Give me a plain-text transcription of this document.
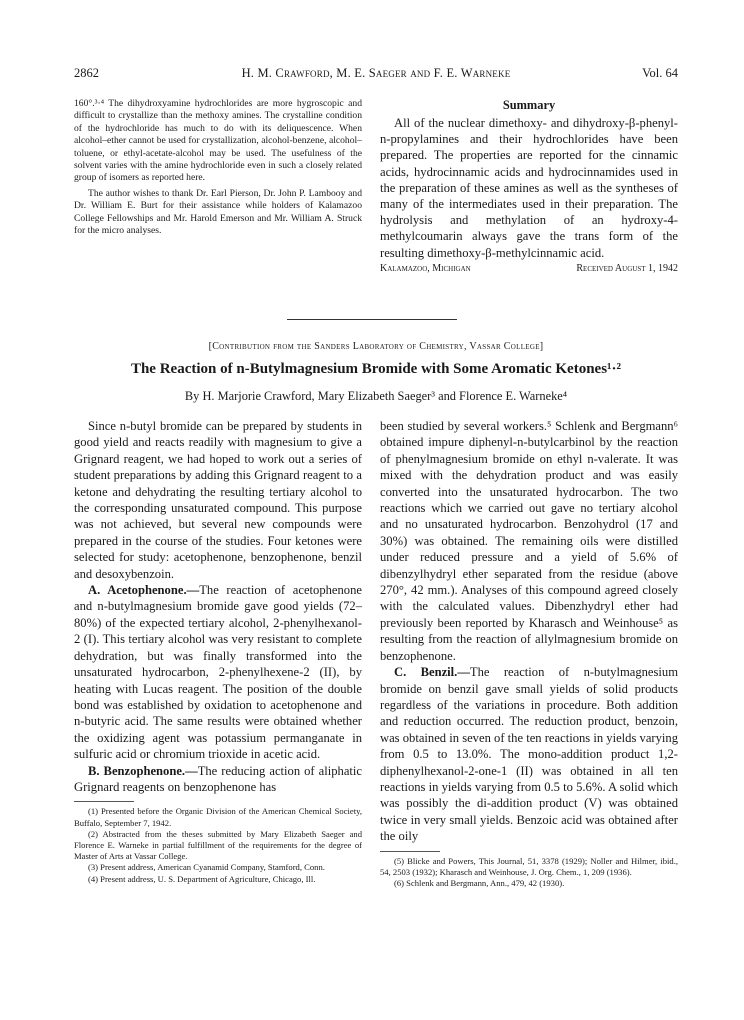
2862	H. M. Crawford, M. E. Saeger and F. E. Warneke	Vol. 64

160°.³·⁴ The dihydroxyamine hydrochlorides are more hygroscopic and difficult to crystallize than the methoxy amines. The crystalline condition of the hydrochloride has much to do with its deliquescence. When alcohol–ether cannot be used for crystallization, alcohol-benzene, alcohol–toluene, or ethyl-acetate-alcohol may be used. The usefulness of the solvent varies with the amine hydrochloride even in such a closely related group of isomers as reported here.

The author wishes to thank Dr. Earl Pierson, Dr. John P. Lambooy and Dr. William E. Burt for their assistance while holders of Kalamazoo College Fellowships and Mr. Harold Emerson and Mr. William A. Struck for the micro analyses.

Summary

All of the nuclear dimethoxy- and dihydroxy-β-phenyl-n-propylamines and their hydrochlorides have been prepared. The properties are reported for the cinnamic acids, hydrocinnamic acids and hydrocinnamides used in the preparation of these amines as well as the syntheses of many of the intermediates used in their preparation. The hydrolysis and methylation of an hydroxy-4-methylcoumarin always gave the trans form of the resulting dimethoxy-β-methylcinnamic acid.

Kalamazoo, Michigan	Received August 1, 1942
[Contribution from the Sanders Laboratory of Chemistry, Vassar College]
The Reaction of n-Butylmagnesium Bromide with Some Aromatic Ketones¹·²
By H. Marjorie Crawford, Mary Elizabeth Saeger³ and Florence E. Warneke⁴

Since n-butyl bromide can be prepared by students in good yield and reacts readily with magnesium to give a Grignard reagent, we had hoped to work out a series of student preparations by adding this Grignard reagent to a ketone and dehydrating the resulting tertiary alcohol to the corresponding unsaturated compound. This purpose was not achieved, but several new compounds were prepared in the course of the studies. Four ketones were selected for study: acetophenone, benzophenone, benzil and desoxybenzoin.

A. Acetophenone.—The reaction of acetophenone and n-butylmagnesium bromide gave good yields (72–80%) of the expected tertiary alcohol, 2-phenylhexanol-2 (I). This tertiary alcohol was very resistant to complete dehydration, but was finally transformed into the unsaturated hydrocarbon, 2-phenylhexene-2 (II), by heating with Lucas reagent. The position of the double bond was established by oxidation to acetophenone and n-butyric acid. The same results were obtained whether the oxidizing agent was potassium permanganate in sulfuric acid or chromium trioxide in acetic acid.

B. Benzophenone.—The reducing action of aliphatic Grignard reagents on benzophenone has

(1) Presented before the Organic Division of the American Chemical Society, Buffalo, September 7, 1942.

(2) Abstracted from the theses submitted by Mary Elizabeth Saeger and Florence E. Warneke in partial fulfillment of the requirements for the degree of Master of Arts at Vassar College.

(3) Present address, American Cyanamid Company, Stamford, Conn.

(4) Present address, U. S. Department of Agriculture, Chicago, Ill.

been studied by several workers.⁵ Schlenk and Bergmann⁶ obtained impure diphenyl-n-butylcarbinol by the reaction of phenylmagnesium bromide on ethyl n-valerate. It was mixed with the dehydration product and was easily converted into the unsaturated hydrocarbon. The two reactions which we carried out gave no tertiary alcohol and no unsaturated hydrocarbon. Benzohydrol (17 and 30%) was obtained. The remaining oils were distilled under reduced pressure and a yield of 5.6% of dibenzylhydryl ether separated from the residue (above 270°, 42 mm.). Analyses of this compound agreed closely with the calculated values. Dibenzhydryl ether had previously been reported by Kharasch and Weinhouse⁵ as resulting from the reaction of allylmagnesium bromide on benzophenone.

C. Benzil.—The reaction of n-butylmagnesium bromide on benzil gave small yields of solid products regardless of the variations in procedure. Both addition and reduction occurred. The reduction product, benzoin, was obtained in seven of the ten reactions in yields varying from 0.5 to 13.0%. The mono-addition product 1,2-diphenylhexanol-2-one-1 (II) was obtained in all ten reactions in yields varying from 0.5 to 5.6%. A solid which was possibly the di-addition product (V) was obtained twice in very small yields. Benzoic acid was obtained after the oily

(5) Blicke and Powers, This Journal, 51, 3378 (1929); Noller and Hilmer, ibid., 54, 2503 (1932); Kharasch and Weinhouse, J. Org. Chem., 1, 209 (1936).

(6) Schlenk and Bergmann, Ann., 479, 42 (1930).
